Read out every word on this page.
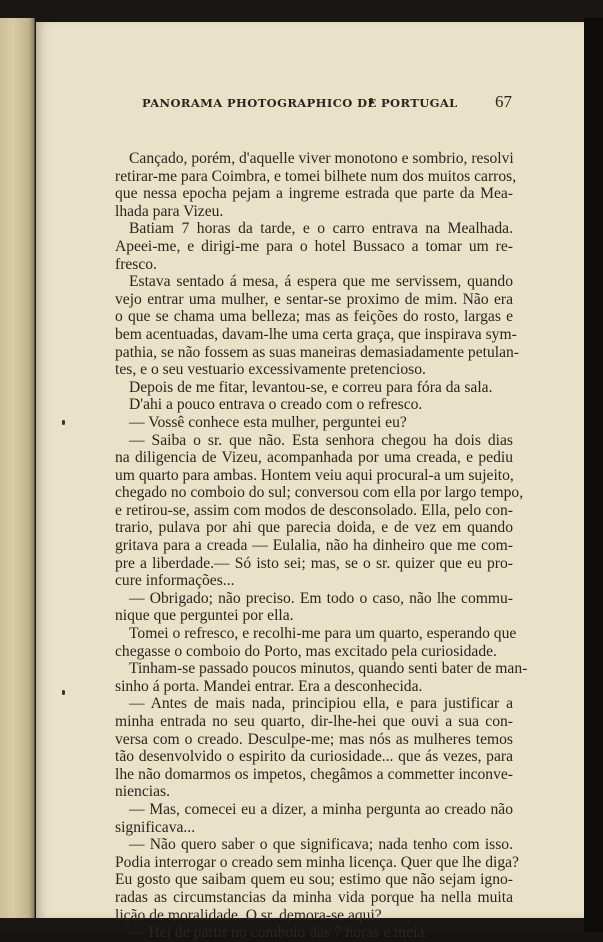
PANORAMA PHOTOGRAPHICO DE PORTUGAL	67
Cançado, porém, d'aquelle viver monotono e sombrio, resolvi
retirar-me para Coimbra, e tomei bilhete num dos muitos carros,
que nessa epocha pejam a ingreme estrada que parte da Mea-
lhada para Vizeu.
Batiam 7 horas da tarde, e o carro entrava na Mealhada.
Apeei-me, e dirigi-me para o hotel Bussaco a tomar um re-
fresco.
Estava sentado á mesa, á espera que me servissem, quando
vejo entrar uma mulher, e sentar-se proximo de mim. Não era
o que se chama uma belleza; mas as feições do rosto, largas e
bem acentuadas, davam-lhe uma certa graça, que inspirava sym-
pathia, se não fossem as suas maneiras demasiadamente petulan-
tes, e o seu vestuario excessivamente pretencioso.
Depois de me fitar, levantou-se, e correu para fóra da sala.
D'ahi a pouco entrava o creado com o refresco.
— Vossê conhece esta mulher, perguntei eu?
— Saiba o sr. que não. Esta senhora chegou ha dois dias
na diligencia de Vizeu, acompanhada por uma creada, e pediu
um quarto para ambas. Hontem veiu aqui procural-a um sujeito,
chegado no comboio do sul; conversou com ella por largo tempo,
e retirou-se, assim com modos de desconsolado. Ella, pelo con-
trario, pulava por ahi que parecia doida, e de vez em quando
gritava para a creada — Eulalia, não ha dinheiro que me com-
pre a liberdade.— Só isto sei; mas, se o sr. quizer que eu pro-
cure informações...
— Obrigado; não preciso. Em todo o caso, não lhe commu-
nique que perguntei por ella.
Tomei o refresco, e recolhi-me para um quarto, esperando que
chegasse o comboio do Porto, mas excitado pela curiosidade.
Tinham-se passado poucos minutos, quando senti bater de man-
sinho á porta. Mandei entrar. Era a desconhecida.
— Antes de mais nada, principiou ella, e para justificar a
minha entrada no seu quarto, dir-lhe-hei que ouvi a sua con-
versa com o creado. Desculpe-me; mas nós as mulheres temos
tão desenvolvido o espirito da curiosidade... que ás vezes, para
lhe não domarmos os impetos, chegâmos a commetter inconve-
niencias.
— Mas, comecei eu a dizer, a minha pergunta ao creado não
significava...
— Não quero saber o que significava; nada tenho com isso.
Podia interrogar o creado sem minha licença. Quer que lhe diga?
Eu gosto que saibam quem eu sou; estimo que não sejam igno-
radas as circumstancias da minha vida porque ha nella muita
lição de moralidade. O sr. demora-se aqui?
— Hei de partir no comboio das 7 horas e meia.
